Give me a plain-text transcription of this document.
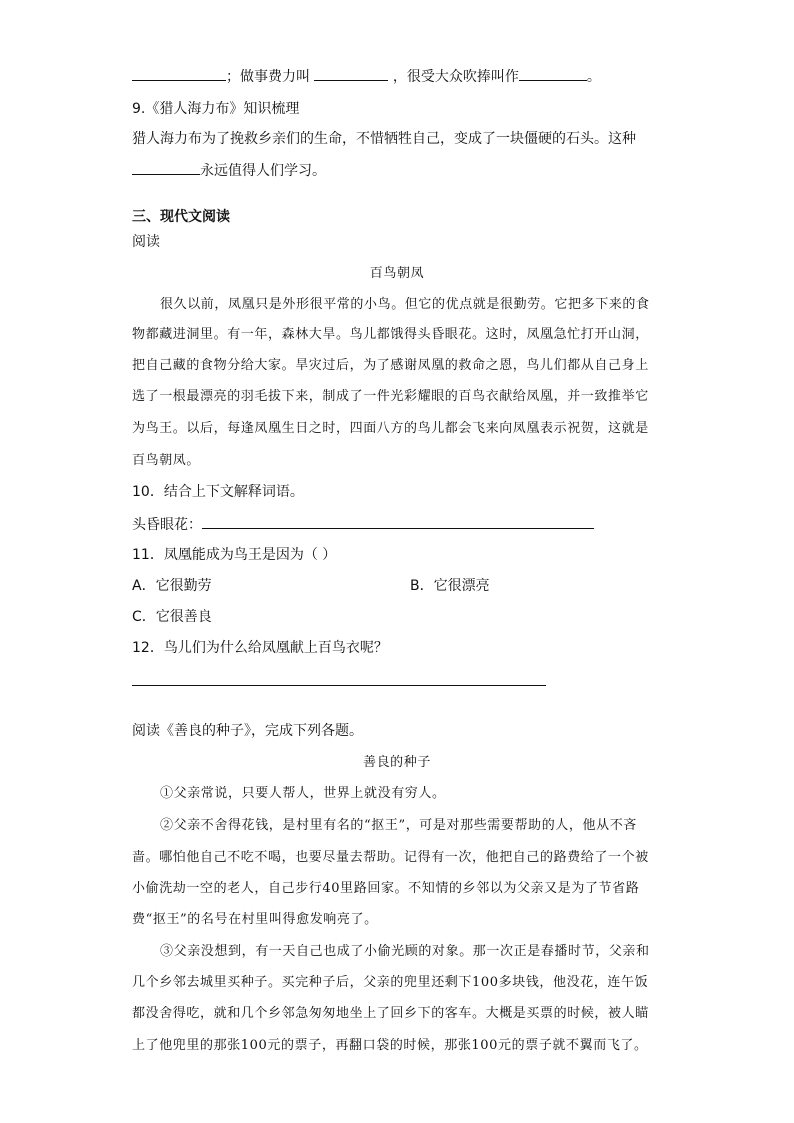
；做事费力叫	，很受大众吹捧叫作	。
9.《猎人海力布》知识梳理
猎人海力布为了挽救乡亲们的生命，不惜牺牲自己，变成了一块僵硬的石头。这种
永远值得人们学习。
三、现代文阅读
阅读
百鸟朝凤
很久以前，凤凰只是外形很平常的小鸟。但它的优点就是很勤劳。它把多下来的食
物都藏进洞里。有一年，森林大旱。鸟儿都饿得头昏眼花。这时，凤凰急忙打开山洞，
把自己藏的食物分给大家。旱灾过后，为了感谢凤凰的救命之恩，鸟儿们都从自己身上
选了一根最漂亮的羽毛拔下来，制成了一件光彩耀眼的百鸟衣献给凤凰，并一致推举它
为鸟王。以后，每逢凤凰生日之时，四面八方的鸟儿都会飞来向凤凰表示祝贺，这就是
百鸟朝凤。
10．结合上下文解释词语。
头昏眼花：
11．凤凰能成为鸟王是因为（ ）
A．它很勤劳	B．它很漂亮
C．它很善良
12．鸟儿们为什么给凤凰献上百鸟衣呢？
阅读《善良的种子》，完成下列各题。
善良的种子
①父亲常说，只要人帮人，世界上就没有穷人。
②父亲不舍得花钱，是村里有名的“抠王”，可是对那些需要帮助的人，他从不吝
啬。哪怕他自己不吃不喝，也要尽量去帮助。记得有一次，他把自己的路费给了一个被
小偷洗劫一空的老人，自己步行40里路回家。不知情的乡邻以为父亲又是为了节省路
费“抠王”的名号在村里叫得愈发响亮了。
③父亲没想到，有一天自己也成了小偷光顾的对象。那一次正是春播时节，父亲和
几个乡邻去城里买种子。买完种子后，父亲的兜里还剩下100多块钱，他没花，连午饭
都没舍得吃，就和几个乡邻急匆匆地坐上了回乡下的客车。大概是买票的时候，被人瞄
上了他兜里的那张100元的票子，再翻口袋的时候，那张100元的票子就不翼而飞了。
